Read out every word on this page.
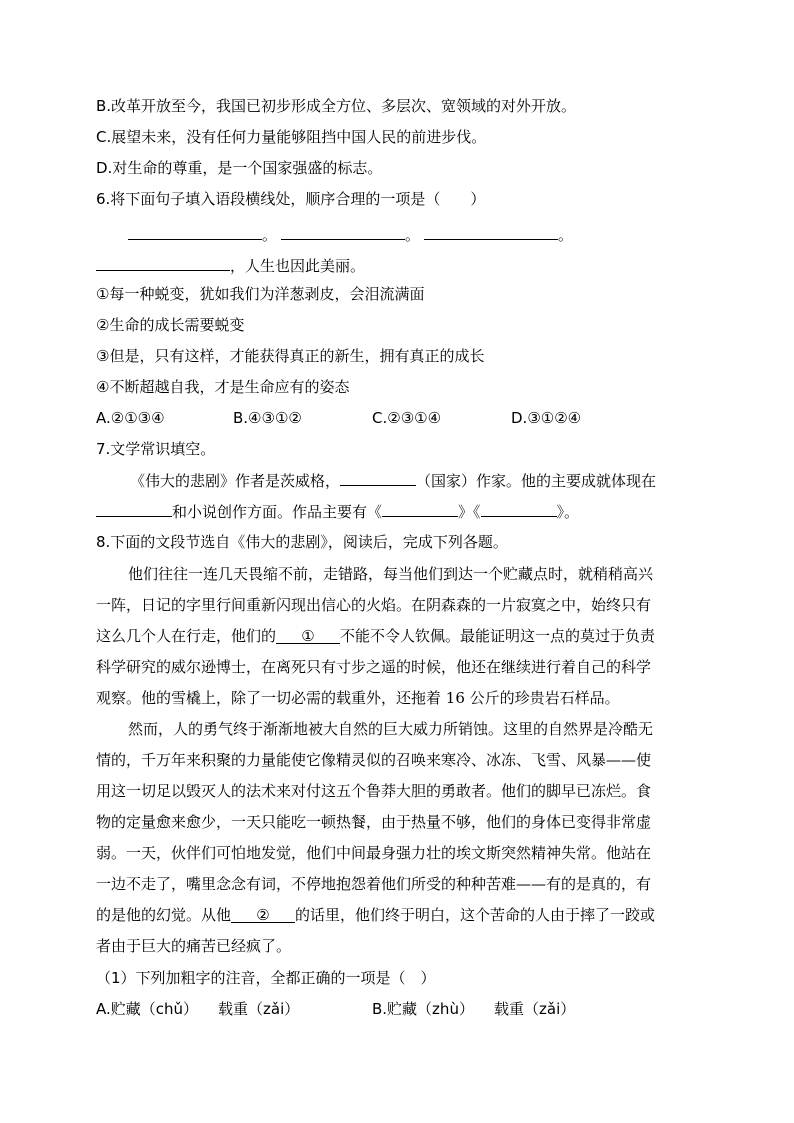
B.改革开放至今，我国已初步形成全方位、多层次、宽领域的对外开放。
C.展望未来，没有任何力量能够阻挡中国人民的前进步伐。
D.对生命的尊重，是一个国家强盛的标志。
6.将下面句子填入语段横线处，顺序合理的一项是（　　）
。	。	。
，人生也因此美丽。
①每一种蜕变，犹如我们为洋葱剥皮，会泪流满面
②生命的成长需要蜕变
③但是，只有这样，才能获得真正的新生，拥有真正的成长
④不断超越自我，才是生命应有的姿态
A.②①③④	B.④③①②	C.②③①④	D.③①②④
7.文学常识填空。
《伟大的悲剧》作者是茨威格，	（国家）作家。他的主要成就体现在
和小说创作方面。作品主要有《	》《	》。
8.下面的文段节选自《伟大的悲剧》，阅读后，完成下列各题。
他们往往一连几天畏缩不前，走错路，每当他们到达一个贮藏点时，就稍稍高兴
一阵，日记的字里行间重新闪现出信心的火焰。在阴森森的一片寂寞之中，始终只有
这么几个人在行走，他们的 ① 不能不令人钦佩。最能证明这一点的莫过于负责
科学研究的威尔逊博士，在离死只有寸步之遥的时候，他还在继续进行着自己的科学
观察。他的雪橇上，除了一切必需的载重外，还拖着 16 公斤的珍贵岩石样品。
然而，人的勇气终于渐渐地被大自然的巨大威力所销蚀。这里的自然界是冷酷无
情的，千万年来积聚的力量能使它像精灵似的召唤来寒冷、冰冻、飞雪、风暴——使
用这一切足以毁灭人的法术来对付这五个鲁莽大胆的勇敢者。他们的脚早已冻烂。食
物的定量愈来愈少，一天只能吃一顿热餐，由于热量不够，他们的身体已变得非常虚
弱。一天，伙伴们可怕地发觉，他们中间最身强力壮的埃文斯突然精神失常。他站在
一边不走了，嘴里念念有词，不停地抱怨着他们所受的种种苦难——有的是真的，有
的是他的幻觉。从他 ② 的话里，他们终于明白，这个苦命的人由于摔了一跤或
者由于巨大的痛苦已经疯了。
（1）下列加粗字的注音，全都正确的一项是（　）
A.贮藏（chǔ） 载重（zǎi）	B.贮藏（zhù） 载重（zǎi）
